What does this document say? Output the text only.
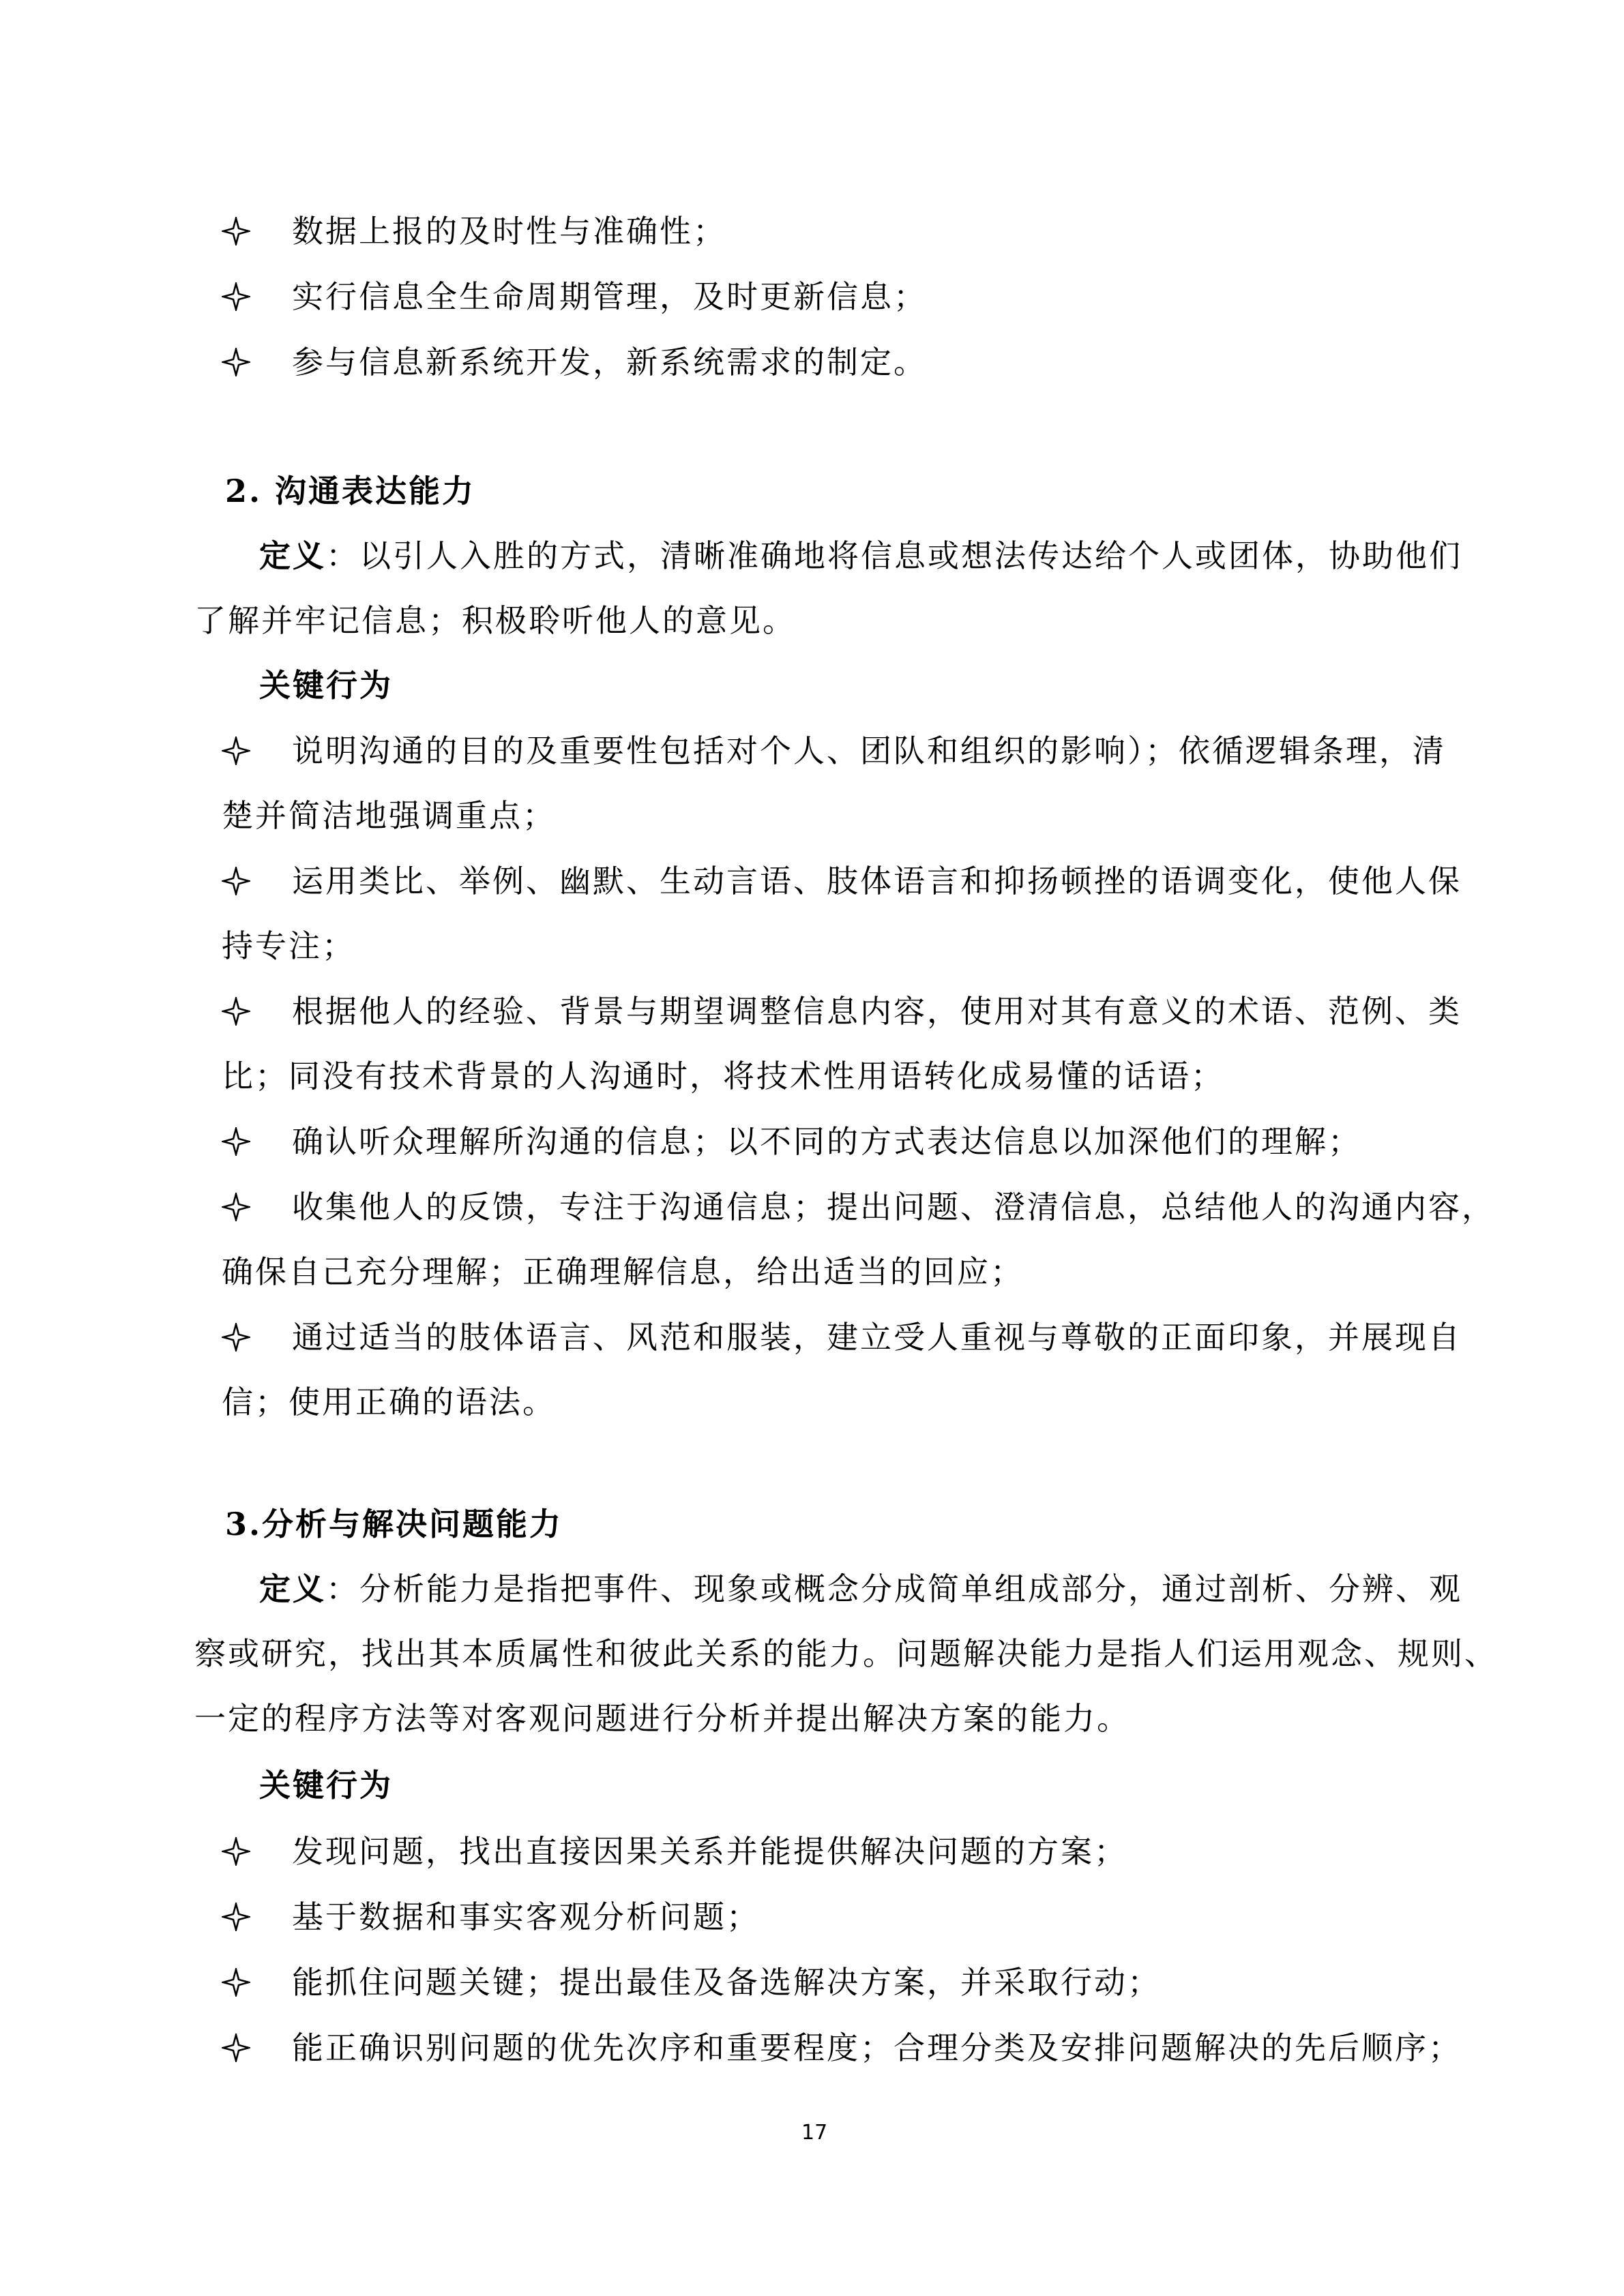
数据上报的及时性与准确性；
实行信息全生命周期管理，及时更新信息；
参与信息新系统开发，新系统需求的制定。
2. 沟通表达能力
定义：以引人入胜的方式，清晰准确地将信息或想法传达给个人或团体，协助他们
了解并牢记信息；积极聆听他人的意见。
关键行为
说明沟通的目的及重要性包括对个人、团队和组织的影响）；依循逻辑条理，清
楚并简洁地强调重点；
运用类比、举例、幽默、生动言语、肢体语言和抑扬顿挫的语调变化，使他人保
持专注；
根据他人的经验、背景与期望调整信息内容，使用对其有意义的术语、范例、类
比；同没有技术背景的人沟通时，将技术性用语转化成易懂的话语；
确认听众理解所沟通的信息；以不同的方式表达信息以加深他们的理解；
收集他人的反馈，专注于沟通信息；提出问题、澄清信息，总结他人的沟通内容，
确保自己充分理解；正确理解信息，给出适当的回应；
通过适当的肢体语言、风范和服装，建立受人重视与尊敬的正面印象，并展现自
信；使用正确的语法。
3.分析与解决问题能力
定义：分析能力是指把事件、现象或概念分成简单组成部分，通过剖析、分辨、观
察或研究，找出其本质属性和彼此关系的能力。问题解决能力是指人们运用观念、规则、
一定的程序方法等对客观问题进行分析并提出解决方案的能力。
关键行为
发现问题，找出直接因果关系并能提供解决问题的方案；
基于数据和事实客观分析问题；
能抓住问题关键；提出最佳及备选解决方案，并采取行动；
能正确识别问题的优先次序和重要程度；合理分类及安排问题解决的先后顺序；
17
